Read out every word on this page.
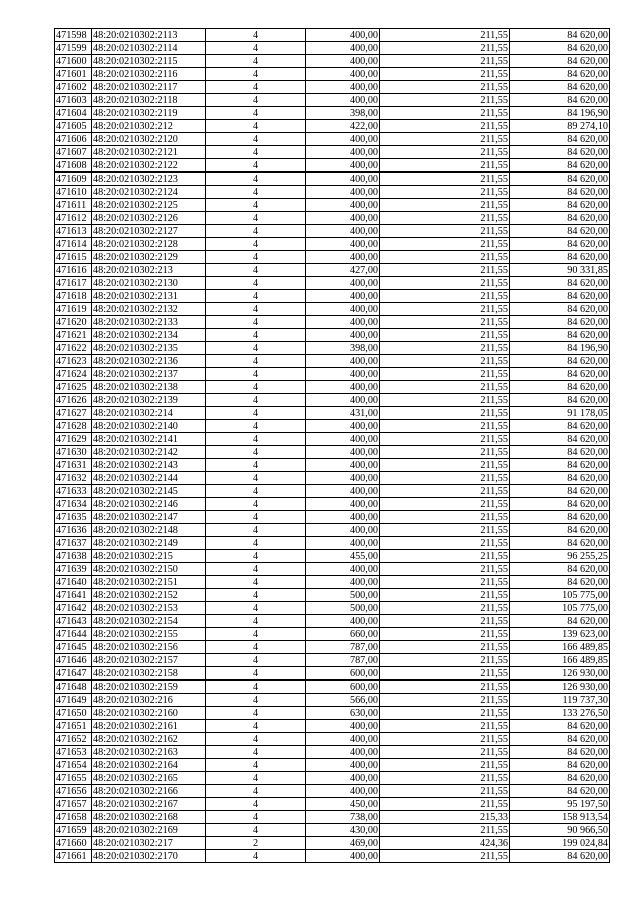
471598	48:20:0210302:2113	4	400,00	211,55	84 620,00
471599	48:20:0210302:2114	4	400,00	211,55	84 620,00
471600	48:20:0210302:2115	4	400,00	211,55	84 620,00
471601	48:20:0210302:2116	4	400,00	211,55	84 620,00
471602	48:20:0210302:2117	4	400,00	211,55	84 620,00
471603	48:20:0210302:2118	4	400,00	211,55	84 620,00
471604	48:20:0210302:2119	4	398,00	211,55	84 196,90
471605	48:20:0210302:212	4	422,00	211,55	89 274,10
471606	48:20:0210302:2120	4	400,00	211,55	84 620,00
471607	48:20:0210302:2121	4	400,00	211,55	84 620,00
471608	48:20:0210302:2122	4	400,00	211,55	84 620,00
471609	48:20:0210302:2123	4	400,00	211,55	84 620,00
471610	48:20:0210302:2124	4	400,00	211,55	84 620,00
471611	48:20:0210302:2125	4	400,00	211,55	84 620,00
471612	48:20:0210302:2126	4	400,00	211,55	84 620,00
471613	48:20:0210302:2127	4	400,00	211,55	84 620,00
471614	48:20:0210302:2128	4	400,00	211,55	84 620,00
471615	48:20:0210302:2129	4	400,00	211,55	84 620,00
471616	48:20:0210302:213	4	427,00	211,55	90 331,85
471617	48:20:0210302:2130	4	400,00	211,55	84 620,00
471618	48:20:0210302:2131	4	400,00	211,55	84 620,00
471619	48:20:0210302:2132	4	400,00	211,55	84 620,00
471620	48:20:0210302:2133	4	400,00	211,55	84 620,00
471621	48:20:0210302:2134	4	400,00	211,55	84 620,00
471622	48:20:0210302:2135	4	398,00	211,55	84 196,90
471623	48:20:0210302:2136	4	400,00	211,55	84 620,00
471624	48:20:0210302:2137	4	400,00	211,55	84 620,00
471625	48:20:0210302:2138	4	400,00	211,55	84 620,00
471626	48:20:0210302:2139	4	400,00	211,55	84 620,00
471627	48:20:0210302:214	4	431,00	211,55	91 178,05
471628	48:20:0210302:2140	4	400,00	211,55	84 620,00
471629	48:20:0210302:2141	4	400,00	211,55	84 620,00
471630	48:20:0210302:2142	4	400,00	211,55	84 620,00
471631	48:20:0210302:2143	4	400,00	211,55	84 620,00
471632	48:20:0210302:2144	4	400,00	211,55	84 620,00
471633	48:20:0210302:2145	4	400,00	211,55	84 620,00
471634	48:20:0210302:2146	4	400,00	211,55	84 620,00
471635	48:20:0210302:2147	4	400,00	211,55	84 620,00
471636	48:20:0210302:2148	4	400,00	211,55	84 620,00
471637	48:20:0210302:2149	4	400,00	211,55	84 620,00
471638	48:20:0210302:215	4	455,00	211,55	96 255,25
471639	48:20:0210302:2150	4	400,00	211,55	84 620,00
471640	48:20:0210302:2151	4	400,00	211,55	84 620,00
471641	48:20:0210302:2152	4	500,00	211,55	105 775,00
471642	48:20:0210302:2153	4	500,00	211,55	105 775,00
471643	48:20:0210302:2154	4	400,00	211,55	84 620,00
471644	48:20:0210302:2155	4	660,00	211,55	139 623,00
471645	48:20:0210302:2156	4	787,00	211,55	166 489,85
471646	48:20:0210302:2157	4	787,00	211,55	166 489,85
471647	48:20:0210302:2158	4	600,00	211,55	126 930,00
471648	48:20:0210302:2159	4	600,00	211,55	126 930,00
471649	48:20:0210302:216	4	566,00	211,55	119 737,30
471650	48:20:0210302:2160	4	630,00	211,55	133 276,50
471651	48:20:0210302:2161	4	400,00	211,55	84 620,00
471652	48:20:0210302:2162	4	400,00	211,55	84 620,00
471653	48:20:0210302:2163	4	400,00	211,55	84 620,00
471654	48:20:0210302:2164	4	400,00	211,55	84 620,00
471655	48:20:0210302:2165	4	400,00	211,55	84 620,00
471656	48:20:0210302:2166	4	400,00	211,55	84 620,00
471657	48:20:0210302:2167	4	450,00	211,55	95 197,50
471658	48:20:0210302:2168	4	738,00	215,33	158 913,54
471659	48:20:0210302:2169	4	430,00	211,55	90 966,50
471660	48:20:0210302:217	2	469,00	424,36	199 024,84
471661	48:20:0210302:2170	4	400,00	211,55	84 620,00
